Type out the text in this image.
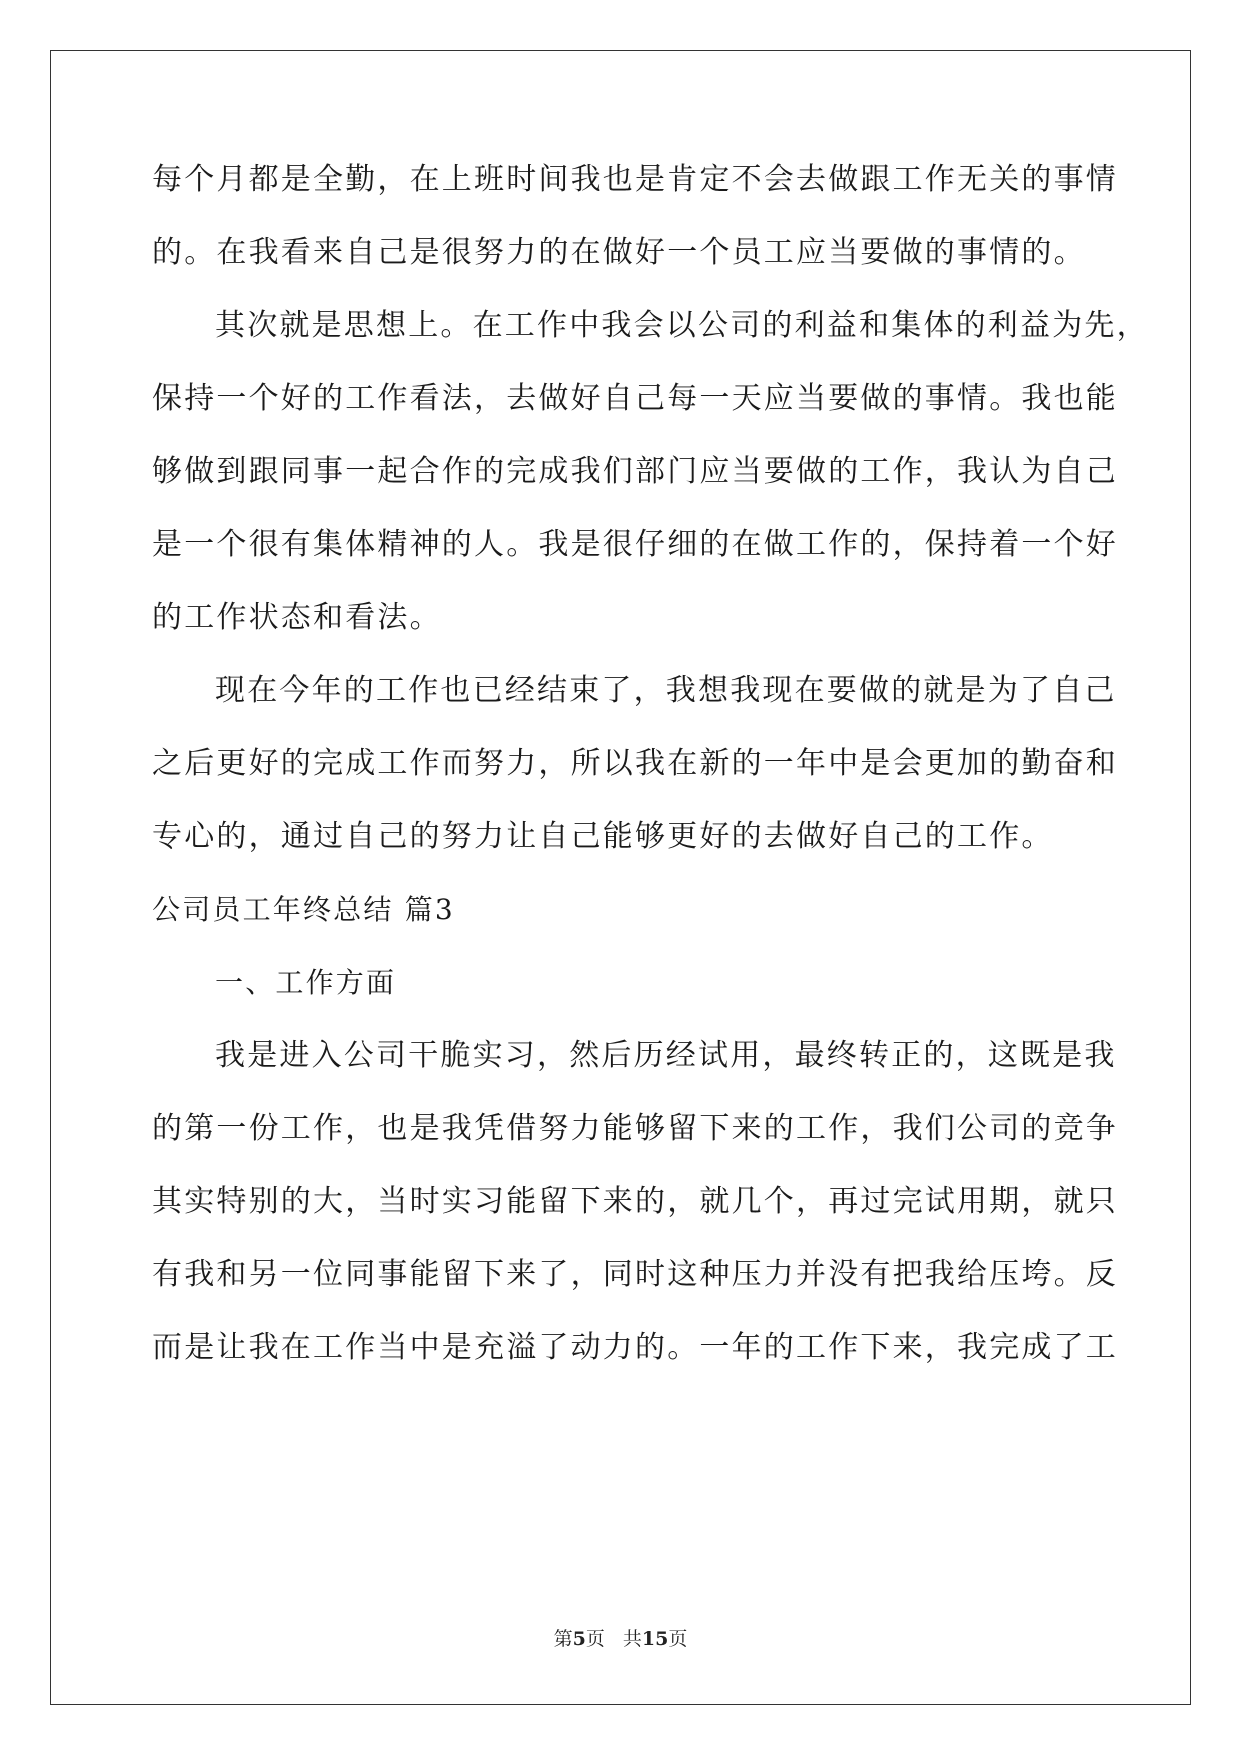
每个月都是全勤，在上班时间我也是肯定不会去做跟工作无关的事情
的。在我看来自己是很努力的在做好一个员工应当要做的事情的。
其次就是思想上。在工作中我会以公司的利益和集体的利益为先，
保持一个好的工作看法，去做好自己每一天应当要做的事情。我也能
够做到跟同事一起合作的完成我们部门应当要做的工作，我认为自己
是一个很有集体精神的人。我是很仔细的在做工作的，保持着一个好
的工作状态和看法。
现在今年的工作也已经结束了，我想我现在要做的就是为了自己
之后更好的完成工作而努力，所以我在新的一年中是会更加的勤奋和
专心的，通过自己的努力让自己能够更好的去做好自己的工作。
公司员工年终总结 篇3
一、工作方面
我是进入公司干脆实习，然后历经试用，最终转正的，这既是我
的第一份工作，也是我凭借努力能够留下来的工作，我们公司的竞争
其实特别的大，当时实习能留下来的，就几个，再过完试用期，就只
有我和另一位同事能留下来了，同时这种压力并没有把我给压垮。反
而是让我在工作当中是充溢了动力的。一年的工作下来，我完成了工
第5页 共15页
